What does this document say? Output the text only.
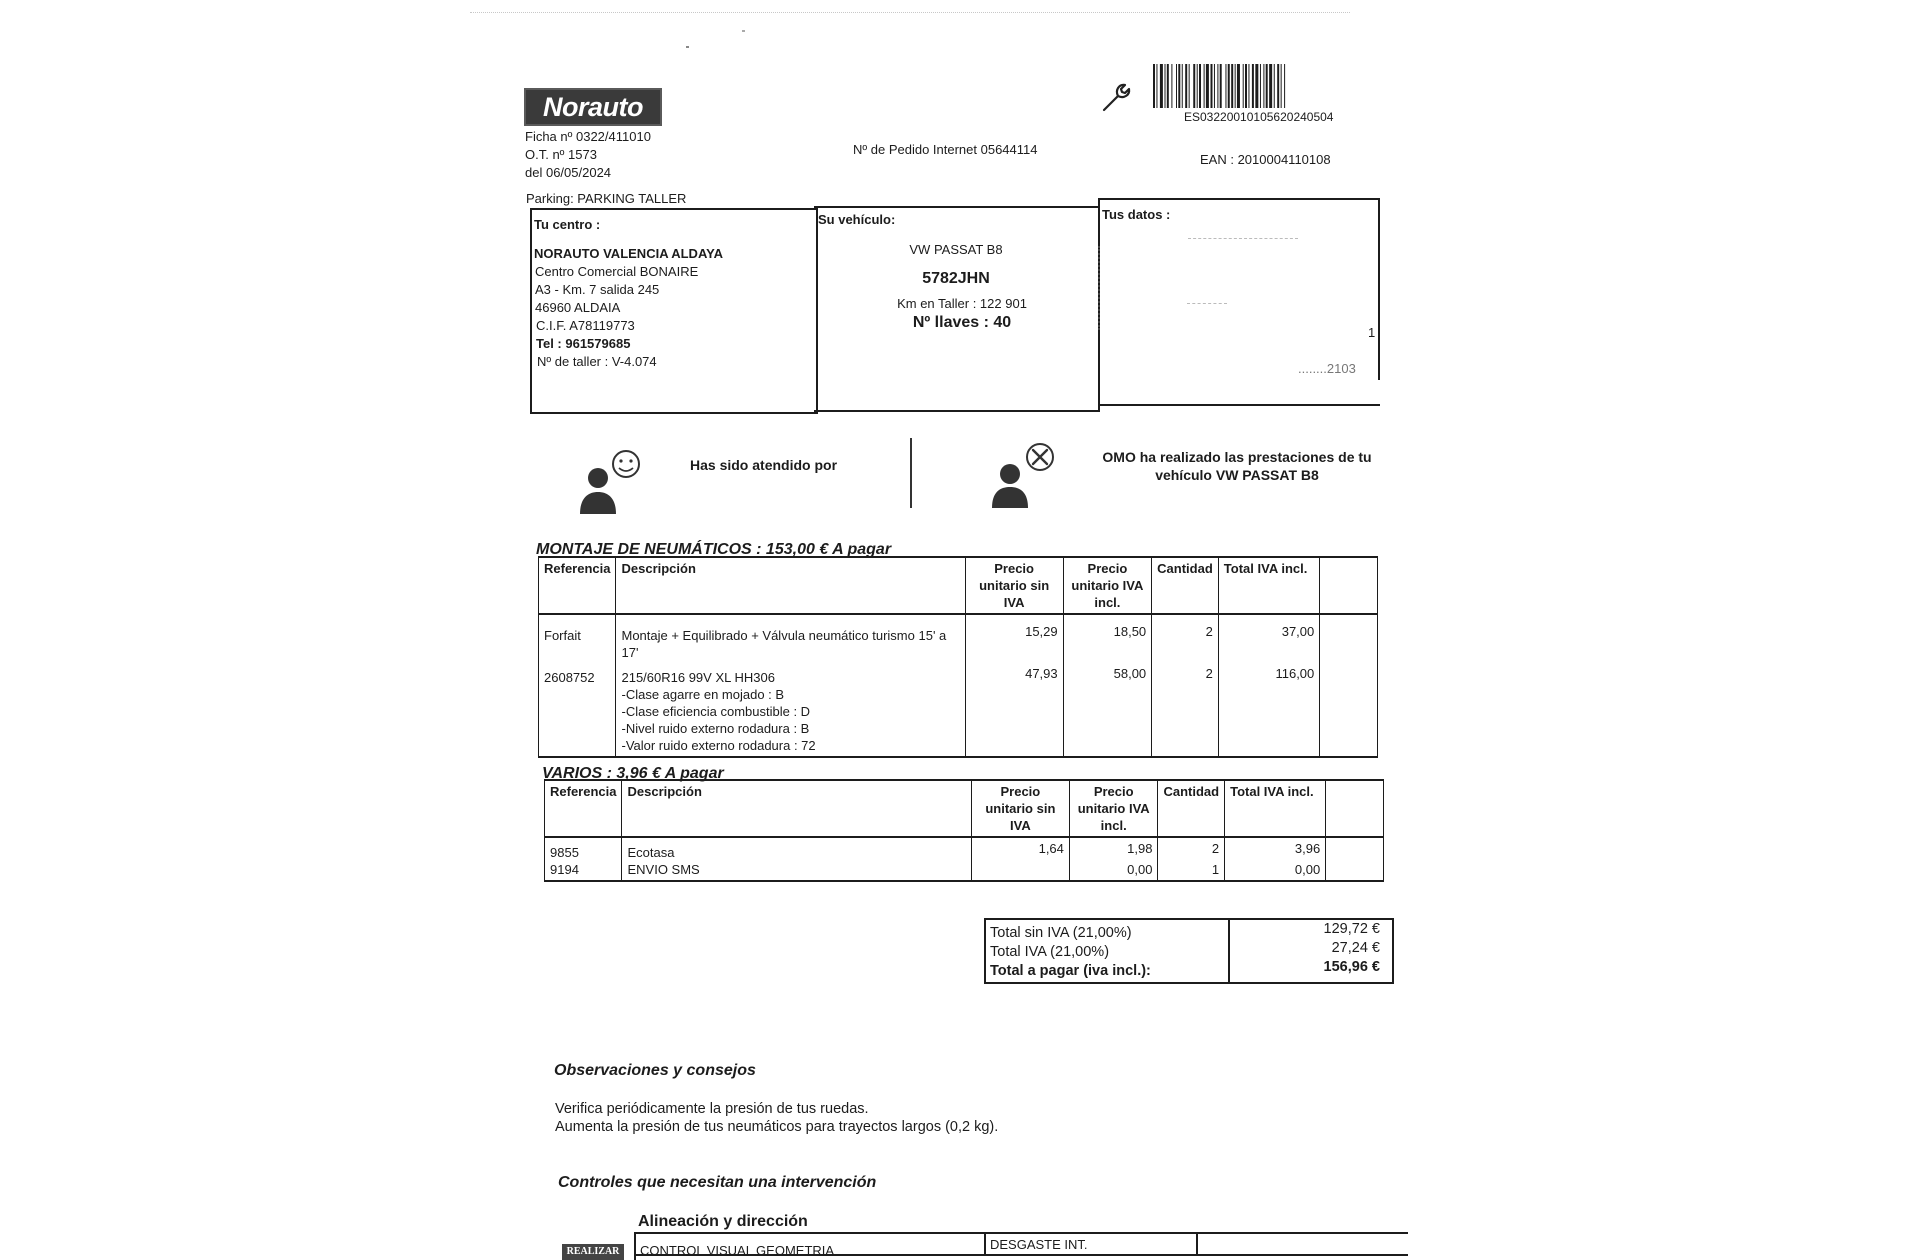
Norauto
Ficha nº 0322/411010
O.T. nº 1573
del 06/05/2024
Nº de Pedido Internet 05644114
ES03220010105620240504
EAN : 2010004110108
Parking: PARKING TALLER
Tu centro :
NORAUTO VALENCIA ALDAYA
Centro Comercial BONAIRE
A3 - Km. 7 salida 245
46960 ALDAIA
C.I.F. A78119773
Tel : 961579685
Nº de taller : V-4.074
Su vehículo:
VW PASSAT B8
5782JHN
Km en Taller : 122 901
Nº llaves : 40
Tus datos :
1
........2103
Has sido atendido por	OMO ha realizado las prestaciones de tu vehículo VW PASSAT B8
MONTAJE DE NEUMÁTICOS : 153,00 € A pagar
Referencia	Descripción	Precio unitario sin IVA	Precio unitario IVA incl.	Cantidad	Total IVA incl.	
Forfait	Montaje + Equilibrado + Válvula neumático turismo 15' a 17'	15,29	18,50	2	37,00	
2608752	215/60R16 99V XL HH306
-Clase agarre en mojado : B
-Clase eficiencia combustible : D
-Nivel ruido externo rodadura : B
-Valor ruido externo rodadura : 72	47,93	58,00	2	116,00	
VARIOS : 3,96 € A pagar
Referencia	Descripción	Precio unitario sin IVA	Precio unitario IVA incl.	Cantidad	Total IVA incl.	
9855	Ecotasa	1,64	1,98	2	3,96	
9194	ENVIO SMS		0,00	1	0,00	
Total sin IVA (21,00%)	129,72 €
Total IVA (21,00%)	27,24 €
Total a pagar (iva incl.):	156,96 €
Observaciones y consejos
Verifica periódicamente la presión de tus ruedas.
Aumenta la presión de tus neumáticos para trayectos largos (0,2 kg).
Controles que necesitan una intervención
Alineación y dirección
REALIZAR	CONTROL VISUAL GEOMETRIA	DESGASTE INT.
